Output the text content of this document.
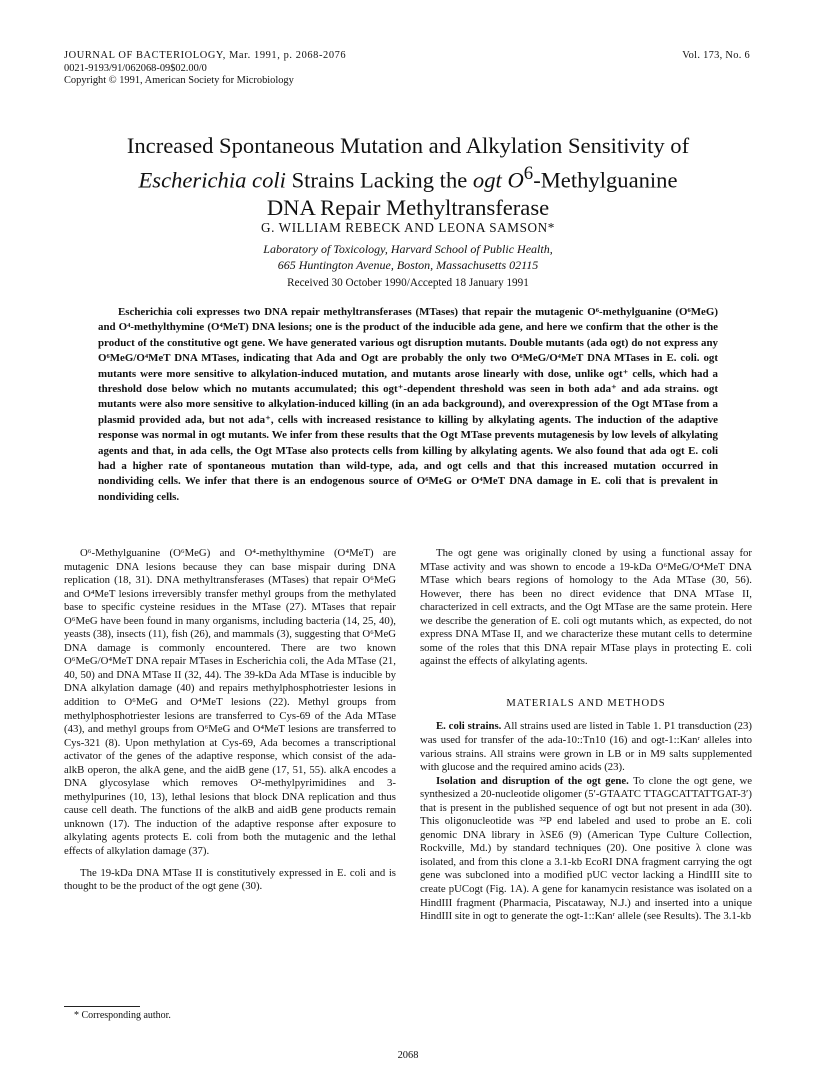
JOURNAL OF BACTERIOLOGY, Mar. 1991, p. 2068-2076
0021-9193/91/062068-09$02.00/0
Copyright © 1991, American Society for Microbiology
Vol. 173, No. 6
Increased Spontaneous Mutation and Alkylation Sensitivity of
Escherichia coli Strains Lacking the ogt $O^6$-Methylguanine
DNA Repair Methyltransferase
G. WILLIAM REBECK AND LEONA SAMSON*
Laboratory of Toxicology, Harvard School of Public Health,
665 Huntington Avenue, Boston, Massachusetts 02115
Received 30 October 1990/Accepted 18 January 1991

Escherichia coli expresses two DNA repair methyltransferases (MTases) that repair the mutagenic O⁶-methylguanine (O⁶MeG) and O⁴-methylthymine (O⁴MeT) DNA lesions; one is the product of the inducible ada gene, and here we confirm that the other is the product of the constitutive ogt gene. We have generated various ogt disruption mutants. Double mutants (ada ogt) do not express any O⁶MeG/O⁴MeT DNA MTases, indicating that Ada and Ogt are probably the only two O⁶MeG/O⁴MeT DNA MTases in E. coli. ogt mutants were more sensitive to alkylation-induced mutation, and mutants arose linearly with dose, unlike ogt⁺ cells, which had a threshold dose below which no mutants accumulated; this ogt⁺-dependent threshold was seen in both ada⁺ and ada strains. ogt mutants were also more sensitive to alkylation-induced killing (in an ada background), and overexpression of the Ogt MTase from a plasmid provided ada, but not ada⁺, cells with increased resistance to killing by alkylating agents. The induction of the adaptive response was normal in ogt mutants. We infer from these results that the Ogt MTase prevents mutagenesis by low levels of alkylating agents and that, in ada cells, the Ogt MTase also protects cells from killing by alkylating agents. We also found that ada ogt E. coli had a higher rate of spontaneous mutation than wild-type, ada, and ogt cells and that this increased mutation occurred in nondividing cells. We infer that there is an endogenous source of O⁶MeG or O⁴MeT DNA damage in E. coli that is prevalent in nondividing cells.

O⁶-Methylguanine (O⁶MeG) and O⁴-methylthymine (O⁴MeT) are mutagenic DNA lesions because they can base mispair during DNA replication (18, 31). DNA methyltransferases (MTases) that repair O⁶MeG and O⁴MeT lesions irreversibly transfer methyl groups from the methylated base to specific cysteine residues in the MTase (27). MTases that repair O⁶MeG have been found in many organisms, including bacteria (14, 25, 40), yeasts (38), insects (11), fish (26), and mammals (3), suggesting that O⁶MeG DNA damage is commonly encountered. There are two known O⁶MeG/O⁴MeT DNA repair MTases in Escherichia coli, the Ada MTase (21, 40, 50) and DNA MTase II (32, 44). The 39-kDa Ada MTase is inducible by DNA alkylation damage (40) and repairs methylphosphotriester lesions in addition to O⁶MeG and O⁴MeT lesions (22). Methyl groups from methylphosphotriester lesions are transferred to Cys-69 of the Ada MTase (43), and methyl groups from O⁶MeG and O⁴MeT lesions are transferred to Cys-321 (8). Upon methylation at Cys-69, Ada becomes a transcriptional activator of the genes of the adaptive response, which consist of the ada-alkB operon, the alkA gene, and the aidB gene (17, 51, 55). alkA encodes a DNA glycosylase which removes O²-methylpyrimidines and 3-methylpurines (10, 13), lethal lesions that block DNA replication and thus cause cell death. The functions of the alkB and aidB gene products remain unknown (17). The induction of the adaptive response after exposure to alkylating agents protects E. coli from both the mutagenic and the lethal effects of alkylation damage (37).

The 19-kDa DNA MTase II is constitutively expressed in E. coli and is thought to be the product of the ogt gene (30).

The ogt gene was originally cloned by using a functional assay for MTase activity and was shown to encode a 19-kDa O⁶MeG/O⁴MeT DNA MTase which bears regions of homology to the Ada MTase (30, 56). However, there has been no direct evidence that DNA MTase II, characterized in cell extracts, and the Ogt MTase are the same protein. Here we describe the generation of E. coli ogt mutants which, as expected, do not express DNA MTase II, and we characterize these mutant cells to determine some of the roles that this DNA repair MTase plays in protecting E. coli against the effects of alkylating agents.

MATERIALS AND METHODS

E. coli strains. All strains used are listed in Table 1. P1 transduction (23) was used for transfer of the ada-10::Tn10 (16) and ogt-1::Kanʳ alleles into various strains. All strains were grown in LB or in M9 salts supplemented with glucose and the required amino acids (23).

Isolation and disruption of the ogt gene. To clone the ogt gene, we synthesized a 20-nucleotide oligomer (5′-GTAATC TTAGCATTATTGAT-3′) that is present in the published sequence of ogt but not present in ada (30). This oligonucleotide was ³²P end labeled and used to probe an E. coli genomic DNA library in λSE6 (9) (American Type Culture Collection, Rockville, Md.) by standard techniques (20). One positive λ clone was isolated, and from this clone a 3.1-kb EcoRI DNA fragment carrying the ogt gene was subcloned into a modified pUC vector lacking a HindIII site to create pUCogt (Fig. 1A). A gene for kanamycin resistance was isolated on a HindIII fragment (Pharmacia, Piscataway, N.J.) and inserted into a unique HindIII site in ogt to generate the ogt-1::Kanʳ allele (see Results). The 3.1-kb

* Corresponding author.
2068
